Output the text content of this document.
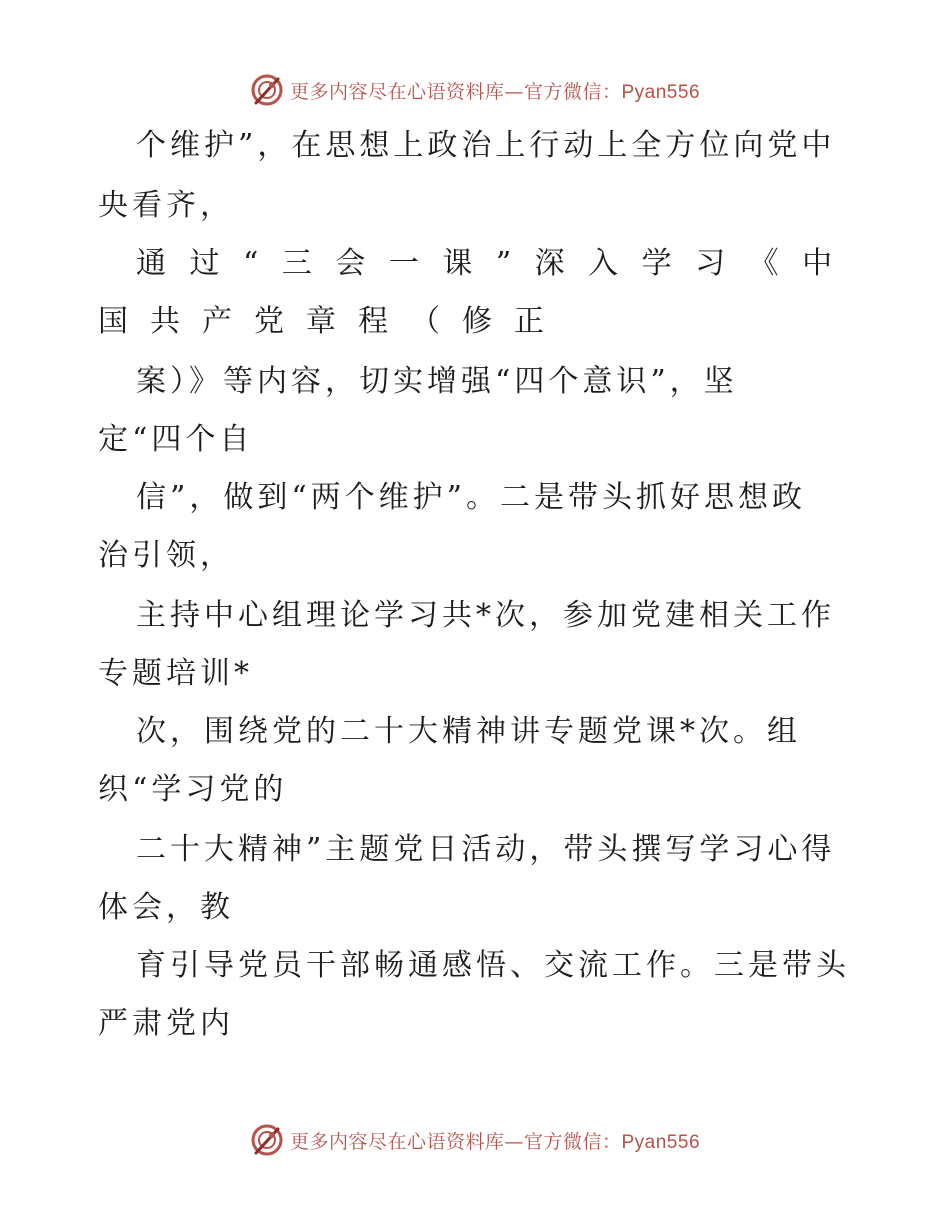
更多内容尽在心语资料库—官方微信：Pyan556
个维护”，在思想上政治上行动上全方位向党中
央看齐，
通过“三会一课”深入学习《中
国共产党章程（修正
案）》等内容，切实增强“四个意识”，坚
定“四个自
信”，做到“两个维护”。二是带头抓好思想政
治引领，
主持中心组理论学习共*次，参加党建相关工作
专题培训*
次，围绕党的二十大精神讲专题党课*次。组
织“学习党的
二十大精神”主题党日活动，带头撰写学习心得
体会，教
育引导党员干部畅通感悟、交流工作。三是带头
严肃党内
更多内容尽在心语资料库—官方微信：Pyan556
